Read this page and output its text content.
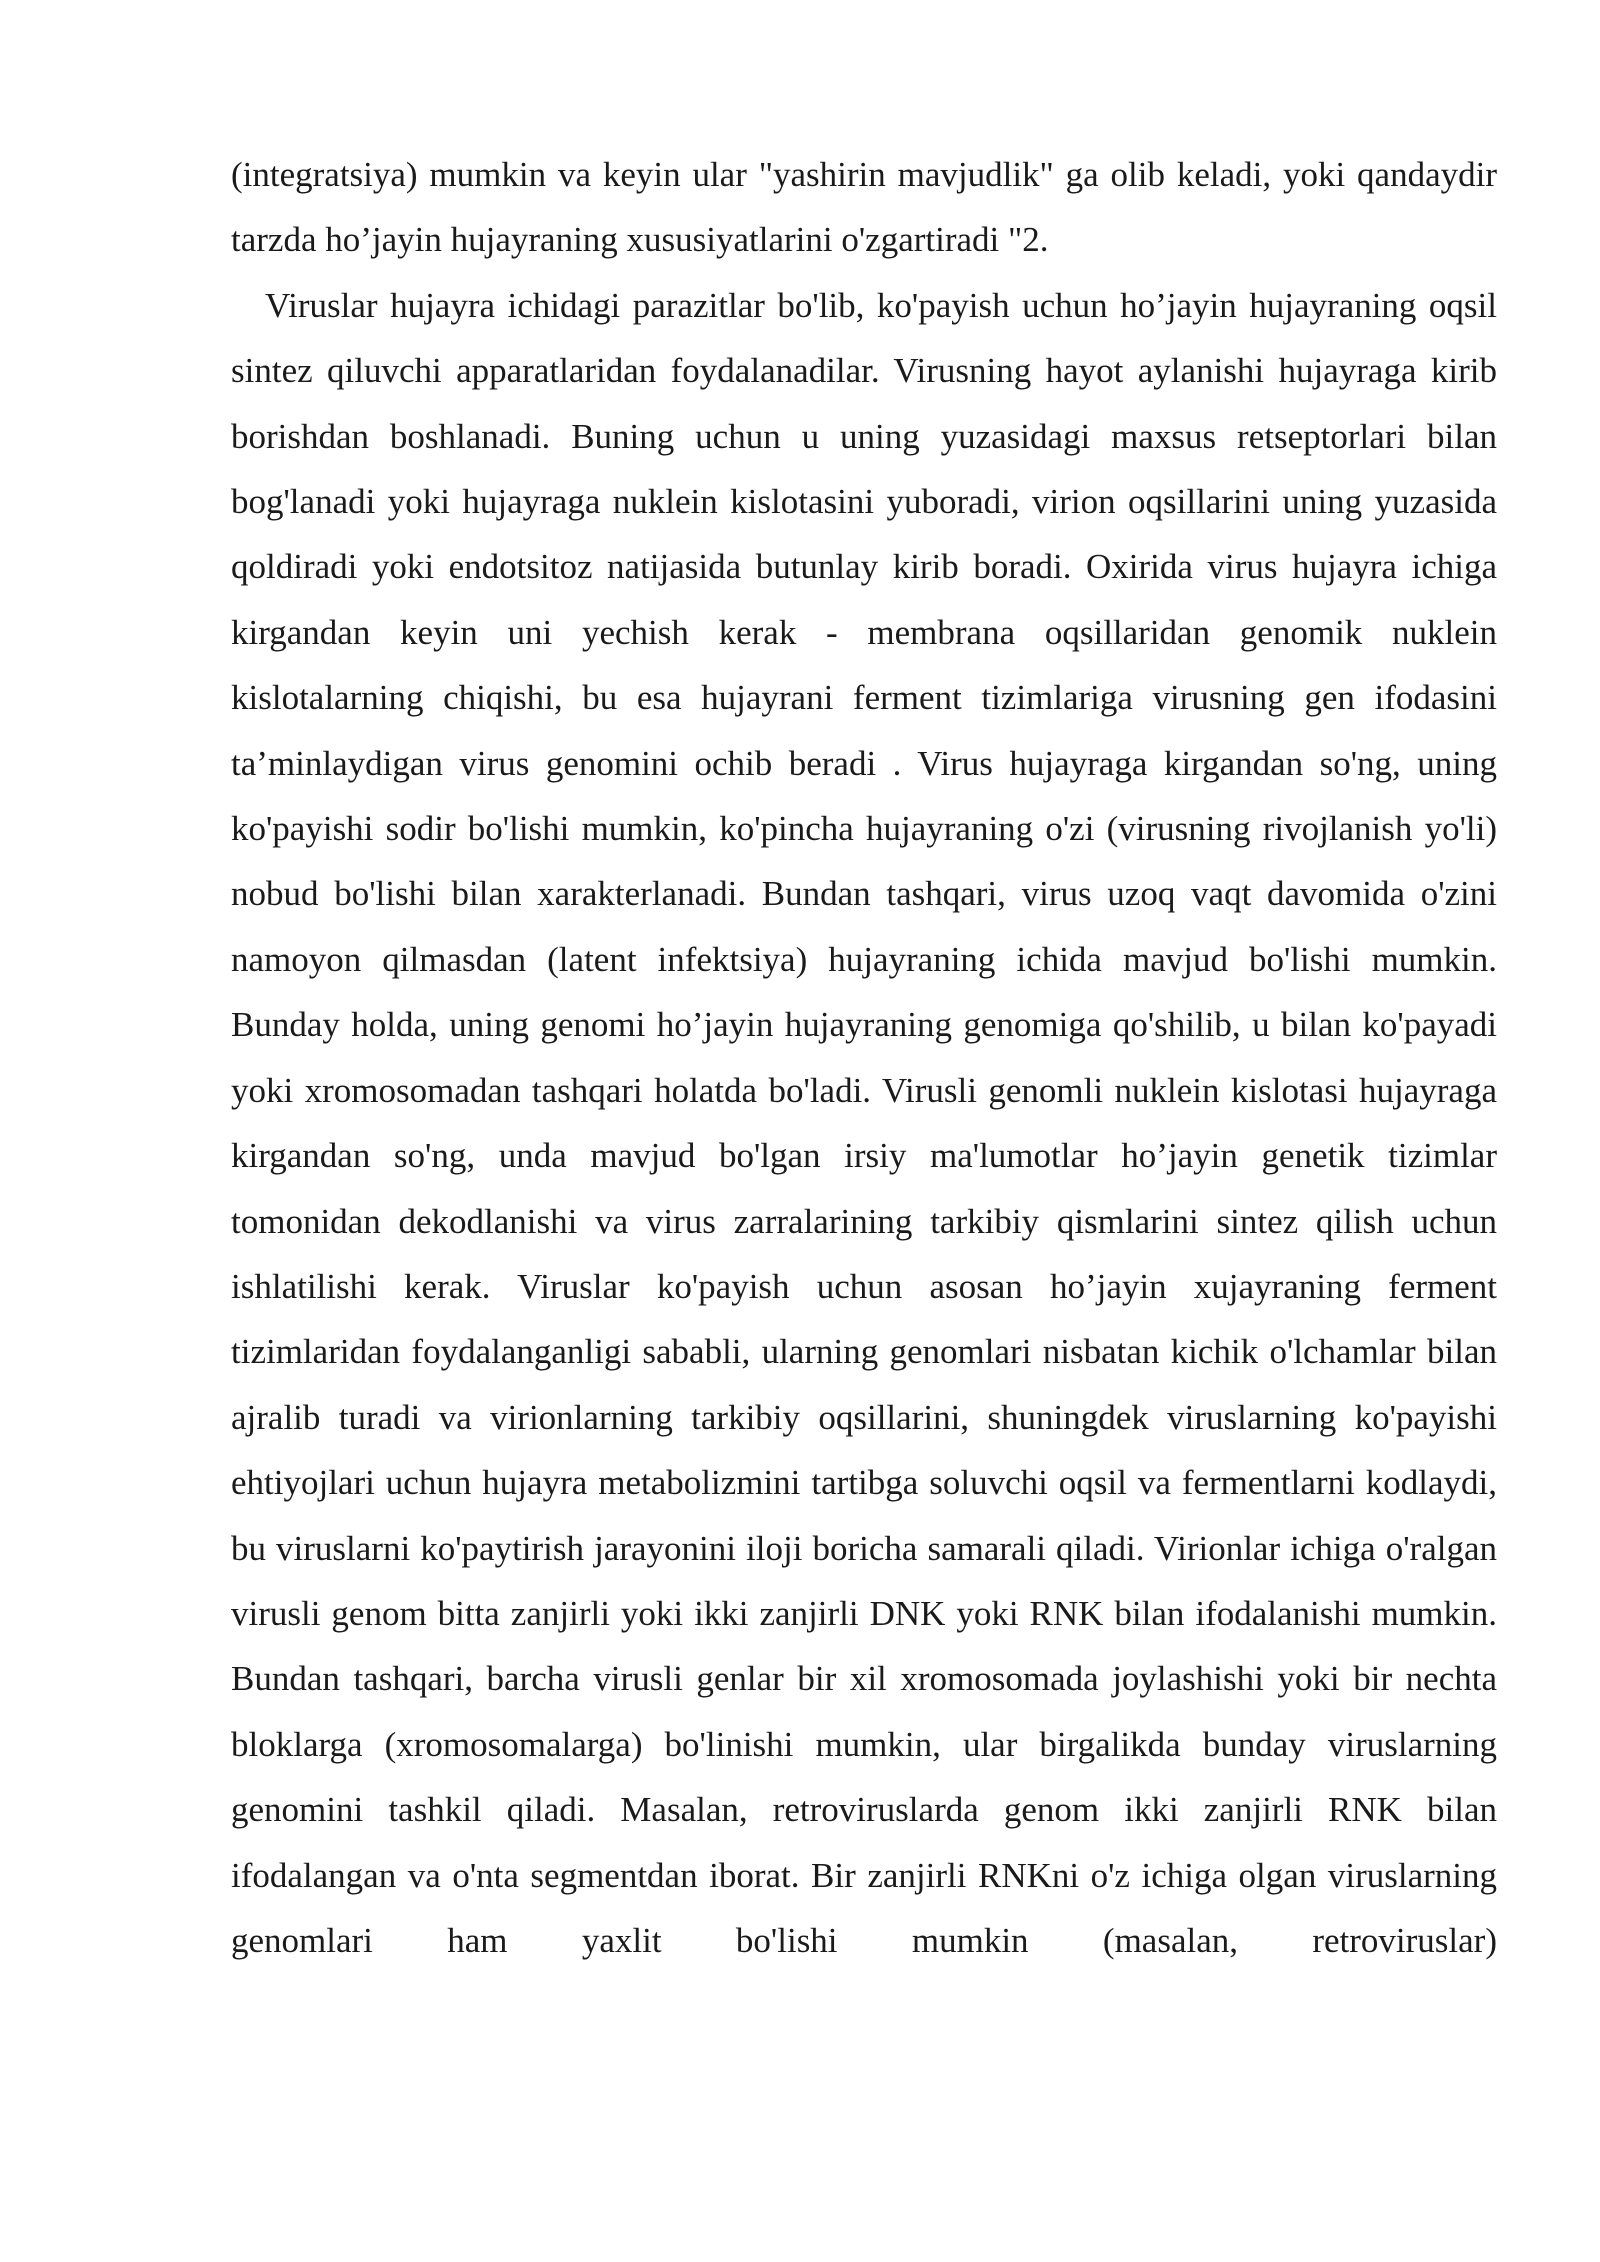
(integratsiya) mumkin va keyin ular "yashirin mavjudlik" ga olib keladi, yoki qandaydir tarzda ho’jayin hujayraning xususiyatlarini o'zgartiradi "2.

Viruslar hujayra ichidagi parazitlar bo'lib, ko'payish uchun ho’jayin hujayraning oqsil sintez qiluvchi apparatlaridan foydalanadilar. Virusning hayot aylanishi hujayraga kirib borishdan boshlanadi. Buning uchun u uning yuzasidagi maxsus retseptorlari bilan bog'lanadi yoki hujayraga nuklein kislotasini yuboradi, virion oqsillarini uning yuzasida qoldiradi yoki endotsitoz natijasida butunlay kirib boradi. Oxirida virus hujayra ichiga kirgandan keyin uni yechish kerak - membrana oqsillaridan genomik nuklein kislotalarning chiqishi, bu esa hujayrani ferment tizimlariga virusning gen ifodasini ta’minlaydigan virus genomini ochib beradi . Virus hujayraga kirgandan so'ng, uning ko'payishi sodir bo'lishi mumkin, ko'pincha hujayraning o'zi (virusning rivojlanish yo'li) nobud bo'lishi bilan xarakterlanadi. Bundan tashqari, virus uzoq vaqt davomida o'zini namoyon qilmasdan (latent infektsiya) hujayraning ichida mavjud bo'lishi mumkin. Bunday holda, uning genomi ho’jayin hujayraning genomiga qo'shilib, u bilan ko'payadi yoki xromosomadan tashqari holatda bo'ladi. Virusli genomli nuklein kislotasi hujayraga kirgandan so'ng, unda mavjud bo'lgan irsiy ma'lumotlar ho’jayin genetik tizimlar tomonidan dekodlanishi va virus zarralarining tarkibiy qismlarini sintez qilish uchun ishlatilishi kerak. Viruslar ko'payish uchun asosan ho’jayin xujayraning ferment tizimlaridan foydalanganligi sababli, ularning genomlari nisbatan kichik o'lchamlar bilan ajralib turadi va virionlarning tarkibiy oqsillarini, shuningdek viruslarning ko'payishi ehtiyojlari uchun hujayra metabolizmini tartibga soluvchi oqsil va fermentlarni kodlaydi, bu viruslarni ko'paytirish jarayonini iloji boricha samarali qiladi. Virionlar ichiga o'ralgan virusli genom bitta zanjirli yoki ikki zanjirli DNK yoki RNK bilan ifodalanishi mumkin. Bundan tashqari, barcha virusli genlar bir xil xromosomada joylashishi yoki bir nechta bloklarga (xromosomalarga) bo'linishi mumkin, ular birgalikda bunday viruslarning genomini tashkil qiladi. Masalan, retroviruslarda genom ikki zanjirli RNK bilan ifodalangan va o'nta segmentdan iborat. Bir zanjirli RNKni o'z ichiga olgan viruslarning genomlari ham yaxlit bo'lishi mumkin (masalan, retroviruslar)
